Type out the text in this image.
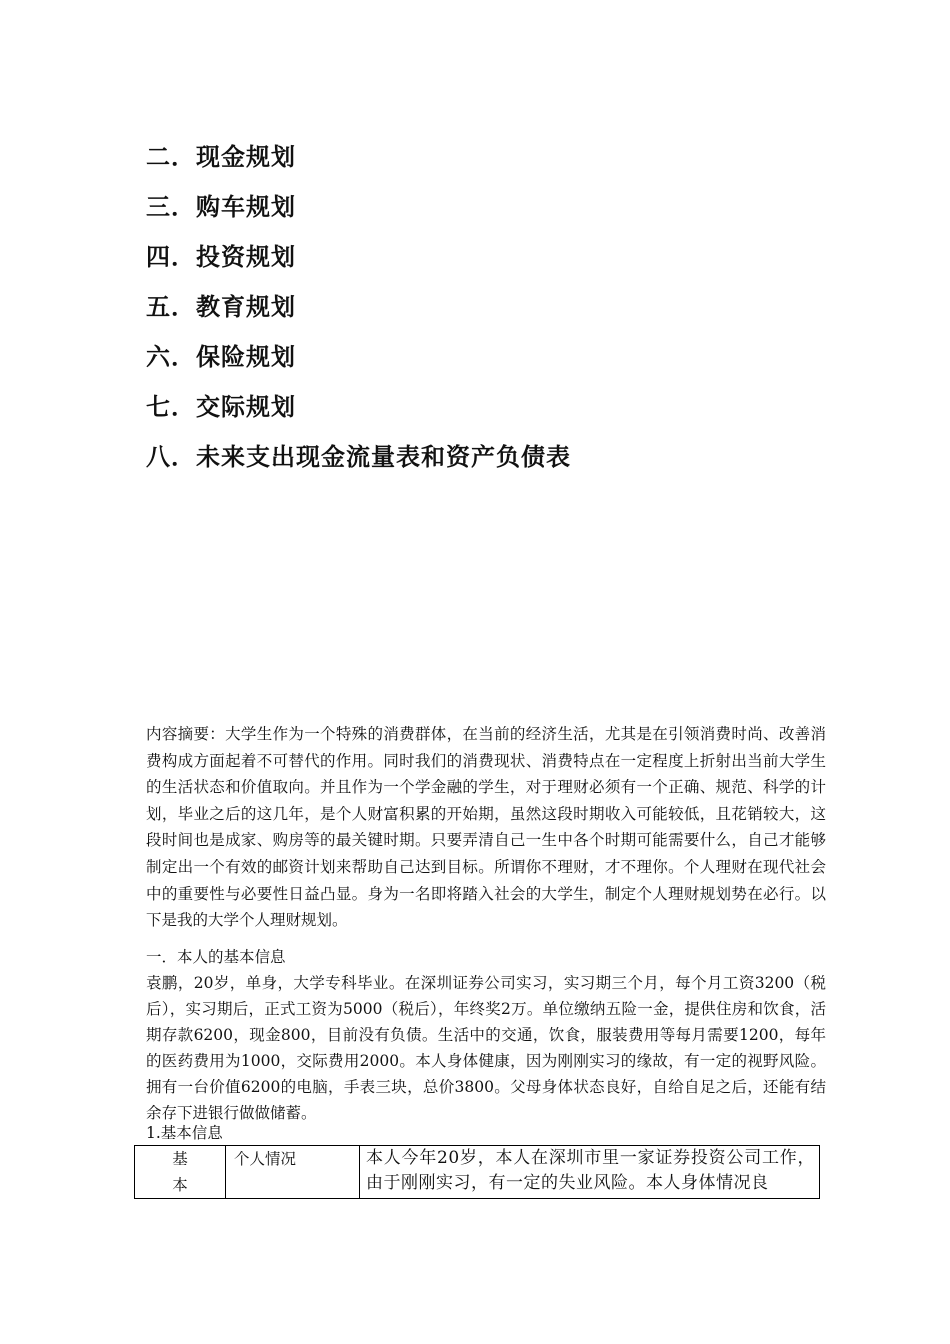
二．现金规划
三．购车规划
四．投资规划
五．教育规划
六．保险规划
七．交际规划
八．未来支出现金流量表和资产负债表

内容摘要：大学生作为一个特殊的消费群体，在当前的经济生活，尤其是在引领消费时尚、改善消费构成方面起着不可替代的作用。同时我们的消费现状、消费特点在一定程度上折射出当前大学生的生活状态和价值取向。并且作为一个学金融的学生，对于理财必须有一个正确、规范、科学的计划，毕业之后的这几年，是个人财富积累的开始期，虽然这段时期收入可能较低，且花销较大，这段时间也是成家、购房等的最关键时期。只要弄清自己一生中各个时期可能需要什么，自己才能够制定出一个有效的邮资计划来帮助自己达到目标。所谓你不理财，才不理你。个人理财在现代社会中的重要性与必要性日益凸显。身为一名即将踏入社会的大学生，制定个人理财规划势在必行。以下是我的大学个人理财规划。

一．本人的基本信息

袁鹏，20岁，单身，大学专科毕业。在深圳证券公司实习，实习期三个月，每个月工资3200（税后），实习期后，正式工资为5000（税后），年终奖2万。单位缴纳五险一金，提供住房和饮食，活期存款6200，现金800，目前没有负债。生活中的交通，饮食，服装费用等每月需要1200，每年的医药费用为1000，交际费用2000。本人身体健康，因为刚刚实习的缘故，有一定的视野风险。拥有一台价值6200的电脑，手表三块，总价3800。父母身体状态良好，自给自足之后，还能有结余存下进银行做做储蓄。

1.基本信息
基
本
	个人情况	本人今年20岁，本人在深圳市里一家证券投资公司工作，由于刚刚实习，有一定的失业风险。本人身体情况良
